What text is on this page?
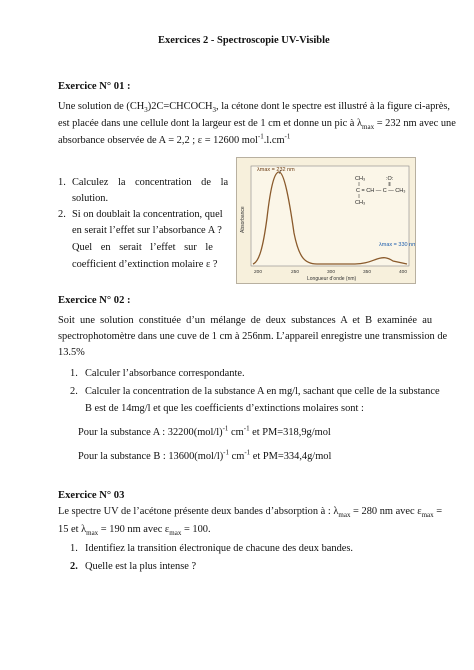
Exercices 2 - Spectroscopie UV-Visible
Exercice N° 01 :
Une solution de $(CH_3)2C=CHCOCH_3$, la cétone dont le spectre est illustré à la figure ci-après,
est placée dans une cellule dont la largeur est de 1 cm et donne un pic à $\lambda_{max} = 232$ nm avec une
absorbance observée de A = 2,2 ; ε = 12600 $mol^{-1}.l.cm^{-1}$
1. Calculez la concentration de la
solution.
2. Si on doublait la concentration, quel
en serait l’effet sur l’absorbance A ?
Quel en serait l’effet sur le
coefficient d’extinction molaire ε ?
λmax = 232 nm
λmax = 330 nm
Absorbance
200	250	300	350	400
Longueur d’onde (nm)
CH₃	:O:
C = CH — C — CH₃
CH₃
Exercice N° 02 :
Soit une solution constituée d’un mélange de deux substances A et B examinée au
spectrophotomètre dans une cuve de 1 cm à 256nm. L’appareil enregistre une transmission de
13.5%
1. Calculer l’absorbance correspondante.
2. Calculer la concentration de la substance A en mg/l, sachant que celle de la substance
B est de 14mg/l et que les coefficients d’extinctions molaires sont :
Pour la substance A : $32200(mol/l)^{-1}$ $cm^{-1}$ et PM=318,9g/mol
Pour la substance B : $13600(mol/l)^{-1}$ $cm^{-1}$ et PM=334,4g/mol
Exercice N° 03
Le spectre UV de l’acétone présente deux bandes d’absorption à : $\lambda_{max} = 280$ nm avec $\varepsilon_{max}$ =
15 et $\lambda_{max} = 190$ nm avec $\varepsilon_{max} = 100$.
1. Identifiez la transition électronique de chacune des deux bandes.
2. Quelle est la plus intense ?
